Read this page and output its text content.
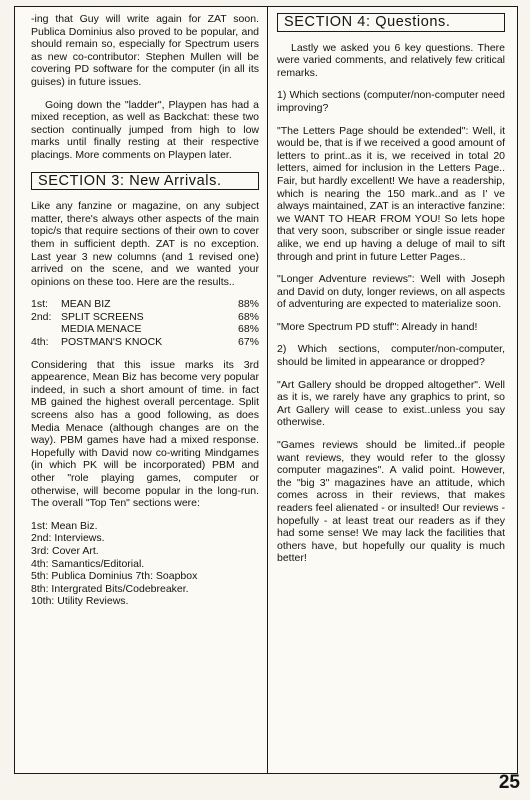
-ing that Guy will write again for ZAT soon. Publica Dominius also proved to be popular, and should remain so, especially for Spectrum users as new co-contributor: Stephen Mullen will be covering PD software for the computer (in all its guises) in future issues.

Going down the "ladder", Playpen has had a mixed reception, as well as Backchat: these two section continually jumped from high to low marks until finally resting at their respective placings. More comments on Playpen later.

SECTION 3: New Arrivals.

Like any fanzine or magazine, on any subject matter, there's always other aspects of the main topic/s that require sections of their own to cover them in sufficient depth. ZAT is no exception. Last year 3 new columns (and 1 revised one) arrived on the scene, and we wanted your opinions on these too. Here are the results..

1st: MEAN BIZ	88%
2nd: SPLIT SCREENS	68%
MEDIA MENACE	68%
4th: POSTMAN'S KNOCK	67%

Considering that this issue marks its 3rd appearence, Mean Biz has become very popular indeed, in such a short amount of time. in fact MB gained the highest overall percentage. Split screens also has a good following, as does Media Menace (although changes are on the way). PBM games have had a mixed response. Hopefully with David now co-writing Mindgames (in which PK will be incorporated) PBM and other "role playing games, computer or otherwise, will become popular in the long-run. The overall "Top Ten" sections were:

1st: Mean Biz.
2nd: Interviews.
3rd: Cover Art.
4th: Samantics/Editorial.
5th: Publica Dominius 7th: Soapbox
8th: Intergrated Bits/Codebreaker.
10th: Utility Reviews.
SECTION 4: Questions.

Lastly we asked you 6 key questions. There were varied comments, and relatively few critical remarks.

1) Which sections (computer/non-computer need improving?

"The Letters Page should be extended": Well, it would be, that is if we received a good amount of letters to print..as it is, we received in total 20 letters, aimed for inclusion in the Letters Page.. Fair, but hardly excellent! We have a readership, which is nearing the 150 mark..and as I' ve always maintained, ZAT is an interactive fanzine: we WANT TO HEAR FROM YOU! So lets hope that very soon, subscriber or single issue reader alike, we end up having a deluge of mail to sift through and print in future Letter Pages..

"Longer Adventure reviews": Well with Joseph and David on duty, longer reviews, on all aspects of adventuring are expected to materialize soon.

"More Spectrum PD stuff": Already in hand!

2) Which sections, computer/non-computer, should be limited in appearance or dropped?

"Art Gallery should be dropped altogether". Well as it is, we rarely have any graphics to print, so Art Gallery will cease to exist..unless you say otherwise.

"Games reviews should be limited..if people want reviews, they would refer to the glossy computer magazines". A valid point. However, the "big 3" magazines have an attitude, which comes across in their reviews, that makes readers feel alienated - or insulted! Our reviews - hopefully - at least treat our readers as if they had some sense! We may lack the facilities that others have, but hopefully our quality is much better!

25
